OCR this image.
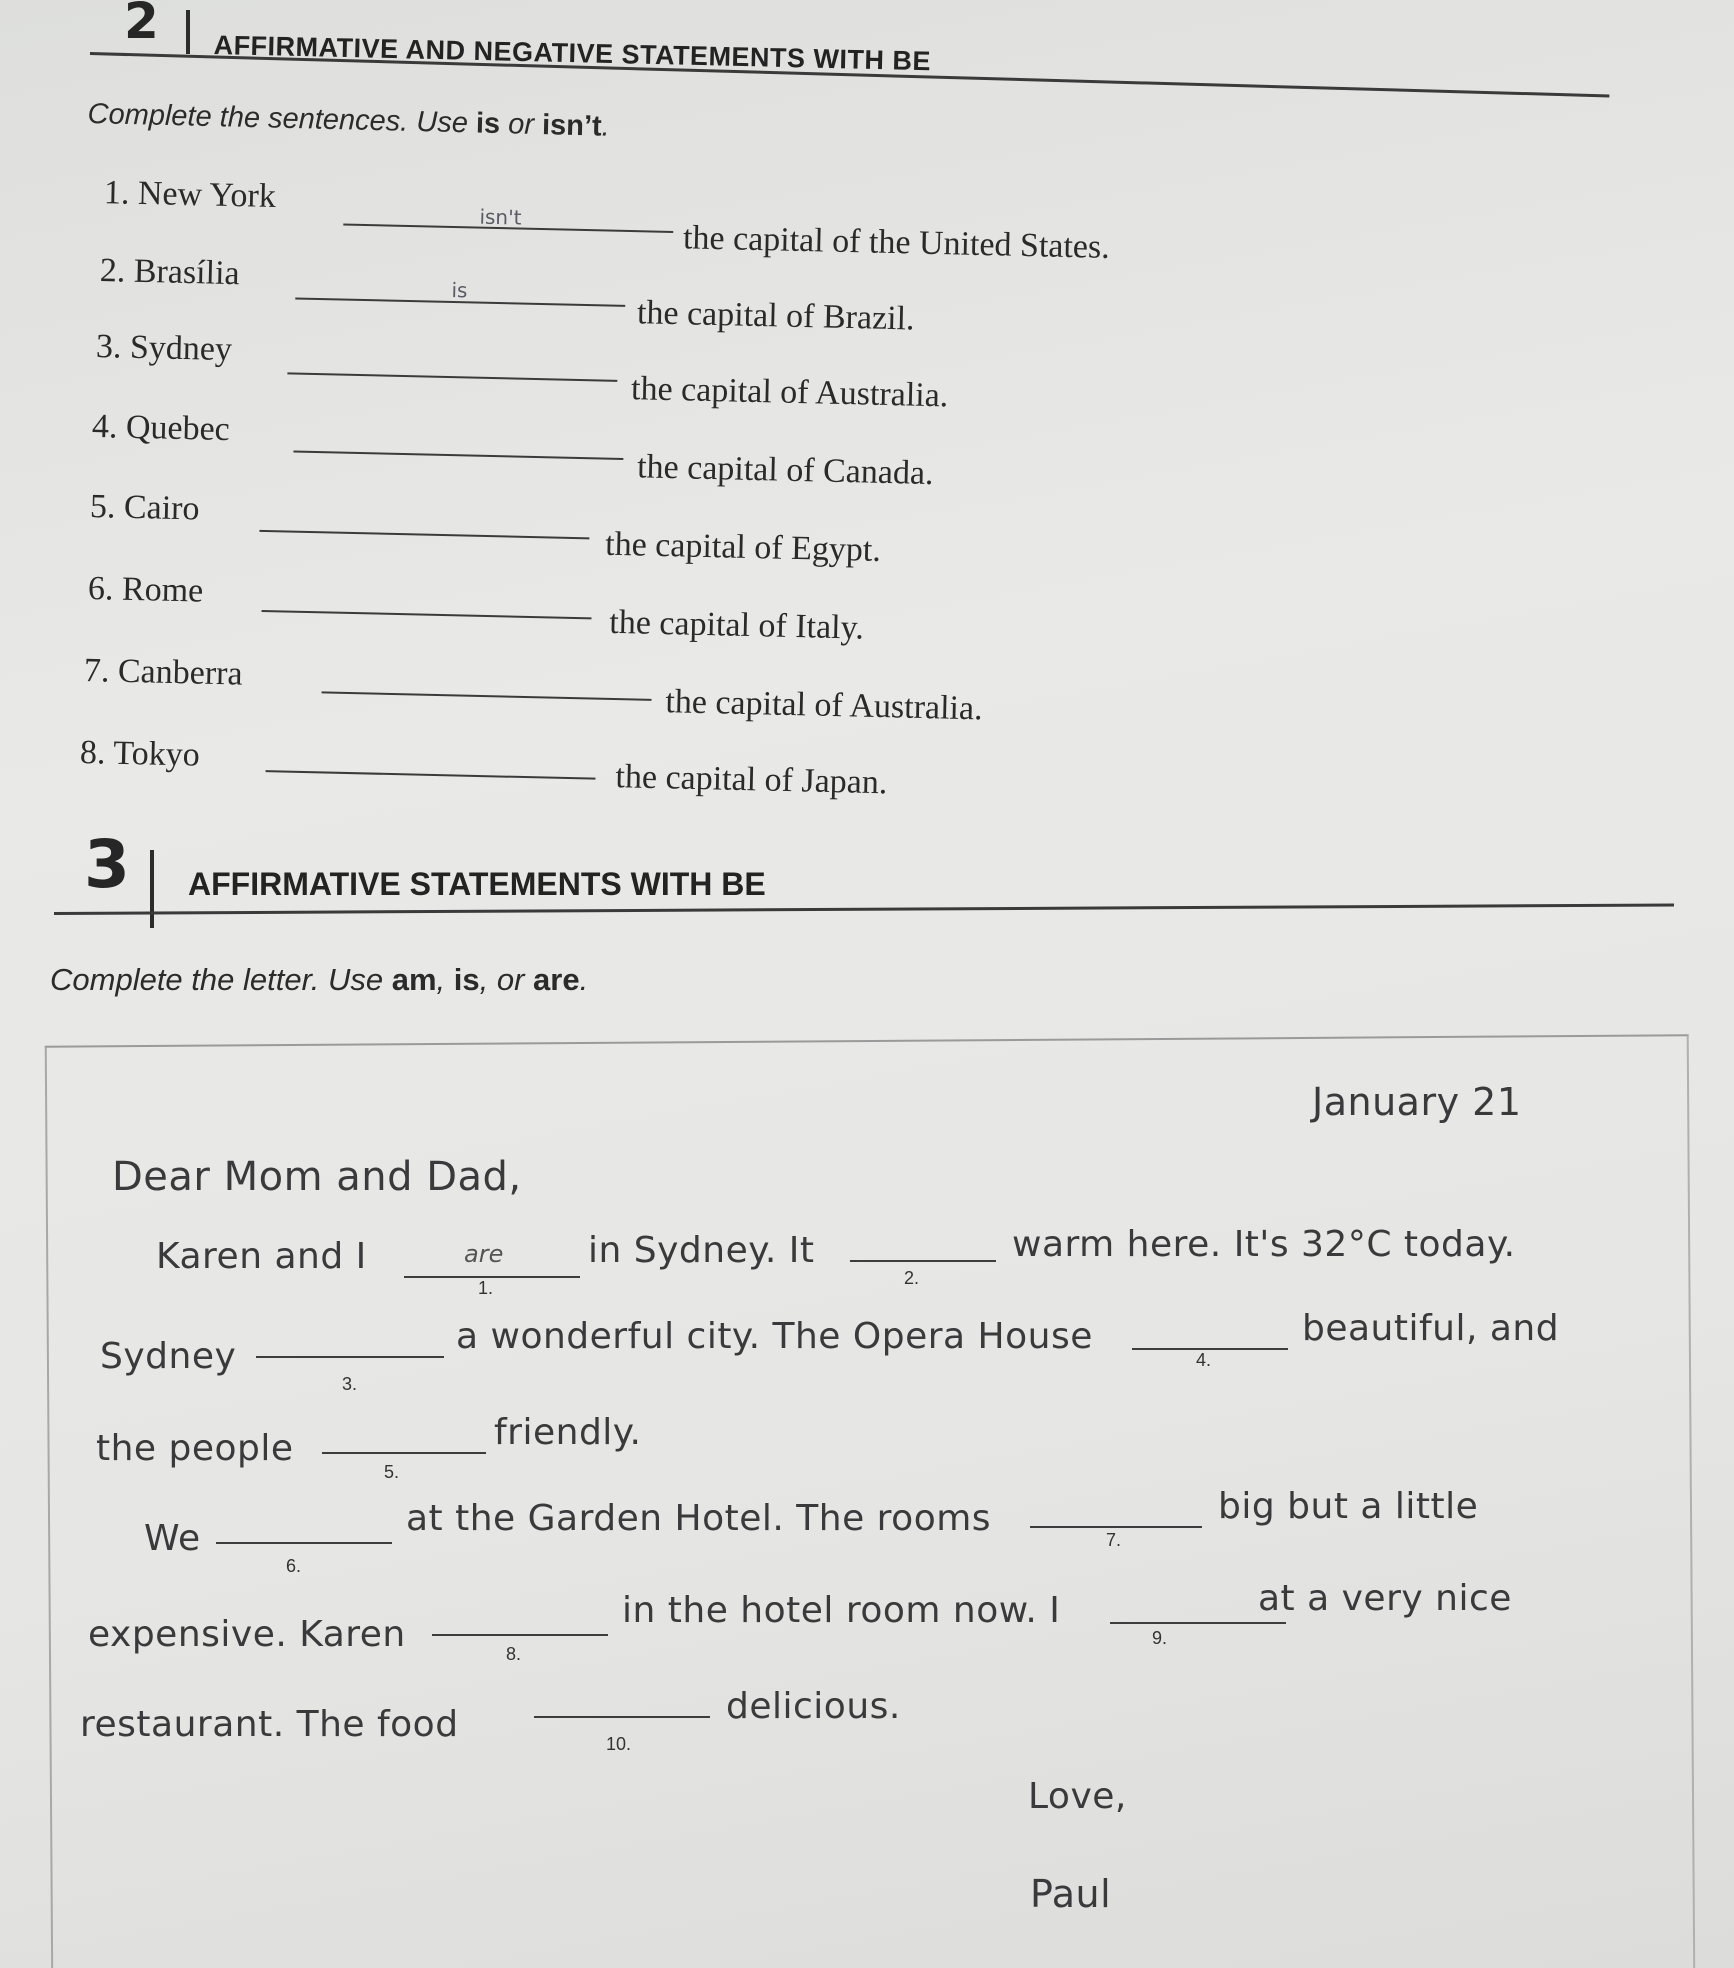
2
AFFIRMATIVE AND NEGATIVE STATEMENTS WITH BE
Complete the sentences. Use is or isn’t.
1. New York
isn't
the capital of the United States.
2. Brasília	is
the capital of Brazil.
3. Sydney
the capital of Australia.
4. Quebec
the capital of Canada.
5. Cairo
the capital of Egypt.
6. Rome
the capital of Italy.
7. Canberra
the capital of Australia.
8. Tokyo
the capital of Japan.
3 AFFIRMATIVE STATEMENTS WITH BE
Complete the letter. Use am, is, or are.
January 21
Dear Mom and Dad,
Karen and I	are
1.
in Sydney. It
2.
warm here. It's 32°C today.
Sydney
3.
a wonderful city. The Opera House
4.
beautiful, and
the people
5.
friendly.
We
6.
at the Garden Hotel. The rooms
7.
big but a little
expensive. Karen	8.
in the hotel room now. I
9.
at a very nice
restaurant. The food	10.
delicious.
Love,
Paul
